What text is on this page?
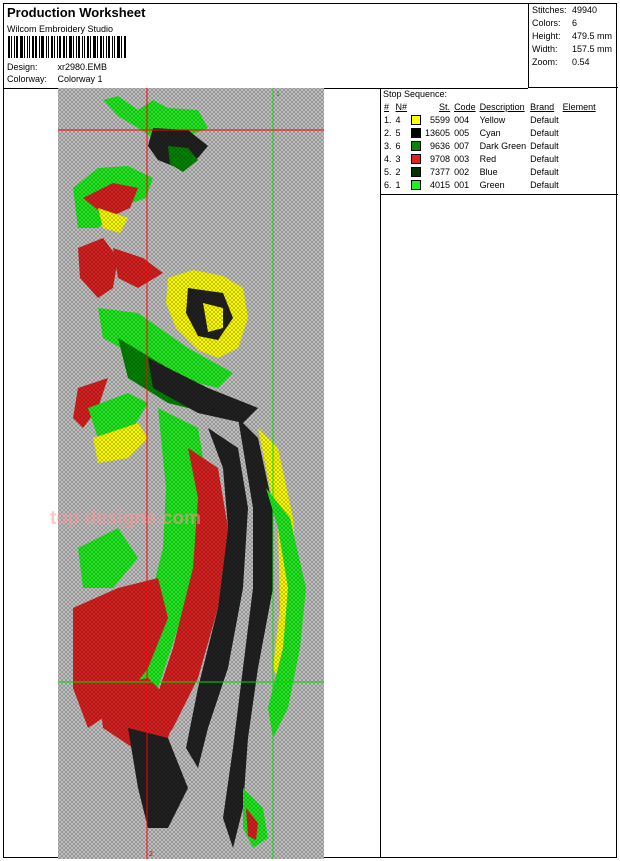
Production Worksheet
Wilcom Embroidery Studio
Design: xr2980.EMB
Colorway: Colorway 1
Stitches: 49940
Colors: 6
Height: 479.5 mm
Width: 157.5 mm
Zoom: 0.54
1
2
top designs.com
Stop Sequence:
#	N#		St.	Code	Description	Brand	Element
1.	4		5599	004	Yellow	Default	
2.	5		13605	005	Cyan	Default	
3.	6		9636	007	Dark Green	Default	
4.	3		9708	003	Red	Default	
5.	2		7377	002	Blue	Default	
6.	1		4015	001	Green	Default	
